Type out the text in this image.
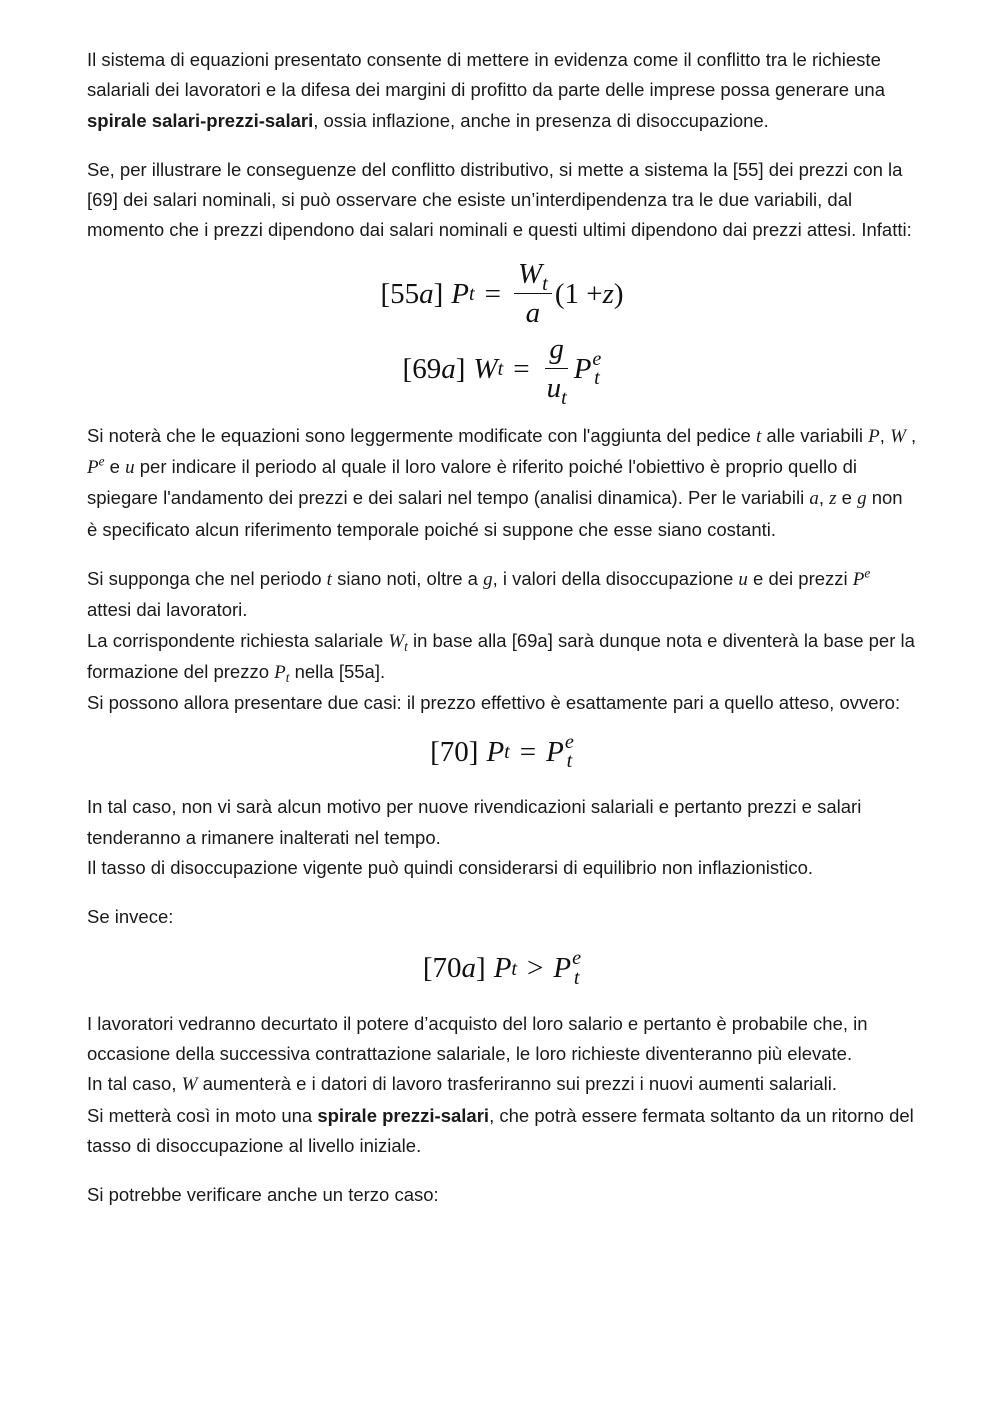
Il sistema di equazioni presentato consente di mettere in evidenza come il conflitto tra le richieste salariali dei lavoratori e la difesa dei margini di profitto da parte delle imprese possa generare una spirale salari-prezzi-salari, ossia inflazione, anche in presenza di disoccupazione.

Se, per illustrare le conseguenze del conflitto distributivo, si mette a sistema la [55] dei prezzi con la [69] dei salari nominali, si può osservare che esiste un’interdipendenza tra le due variabili, dal momento che i prezzi dipendono dai salari nominali e questi ultimi dipendono dai prezzi attesi. Infatti:

[55 a ] P $t = \frac{W_t}{a} (1 + z$ )
[69 a ] W $t = \frac{g}{u_t}$ P e
t

Si noterà che le equazioni sono leggermente modificate con l'aggiunta del pedice t alle variabili P, W , $P^e$ e u per indicare il periodo al quale il loro valore è riferito poiché l'obiettivo è proprio quello di spiegare l'andamento dei prezzi e dei salari nel tempo (analisi dinamica). Per le variabili a, z e g non è specificato alcun riferimento temporale poiché si suppone che esse siano costanti.

Si supponga che nel periodo t siano noti, oltre a g, i valori della disoccupazione u e dei prezzi $P^e$ attesi dai lavoratori.
La corrispondente richiesta salariale $W_t$ in base alla [69a] sarà dunque nota e diventerà la base per la formazione del prezzo $P_t$ nella [55a].
Si possono allora presentare due casi: il prezzo effettivo è esattamente pari a quello atteso, ovvero:

[70] P t = P e
t

In tal caso, non vi sarà alcun motivo per nuove rivendicazioni salariali e pertanto prezzi e salari tenderanno a rimanere inalterati nel tempo.
Il tasso di disoccupazione vigente può quindi considerarsi di equilibrio non inflazionistico.

Se invece:

[70 a ] P t > P e
t

I lavoratori vedranno decurtato il potere d’acquisto del loro salario e pertanto è probabile che, in occasione della successiva contrattazione salariale, le loro richieste diventeranno più elevate.
In tal caso, W aumenterà e i datori di lavoro trasferiranno sui prezzi i nuovi aumenti salariali.
Si metterà così in moto una spirale prezzi-salari, che potrà essere fermata soltanto da un ritorno del tasso di disoccupazione al livello iniziale.

Si potrebbe verificare anche un terzo caso:
